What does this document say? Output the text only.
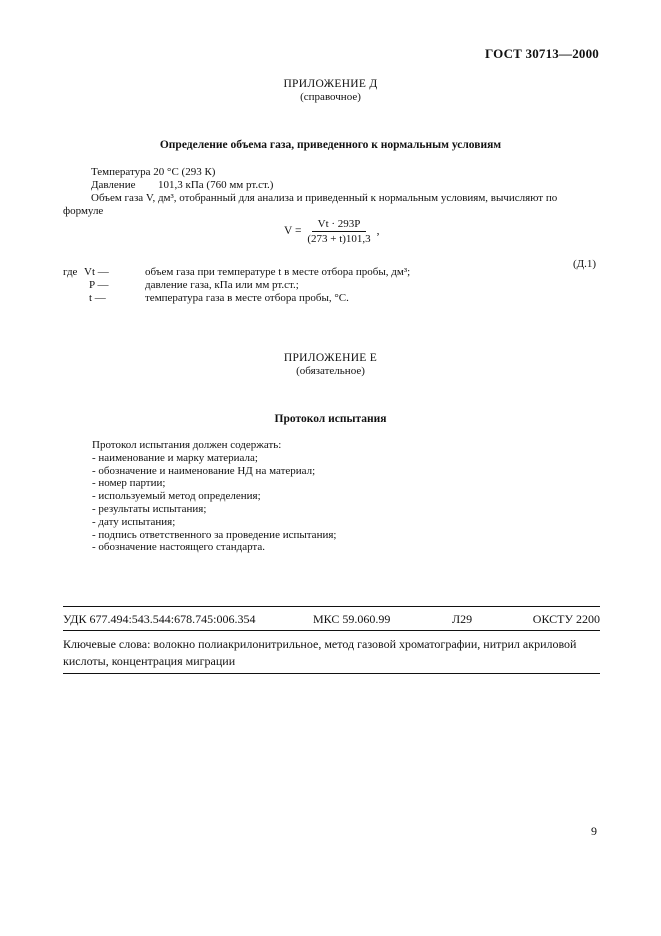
ГОСТ 30713—2000
ПРИЛОЖЕНИЕ Д
(справочное)
Определение объема газа, приведенного к нормальным условиям
Температура 20 °С (293 К)
Давление 101,3 кПа (760 мм рт.ст.)
Объем газа V, дм³, отобранный для анализа и приведенный к нормальным условиям, вычисляют по
формуле
$V = \frac{Vt \cdot 293P}{(273 + t)101,3}$ ,
(Д.1)
где Vt —	объем газа при температуре t в месте отбора пробы, дм³;
P —	давление газа, кПа или мм рт.ст.;
t —	температура газа в месте отбора пробы, °С.
ПРИЛОЖЕНИЕ Е
(обязательное)
Протокол испытания
Протокол испытания должен содержать:
- наименование и марку материала;
- обозначение и наименование НД на материал;
- номер партии;
- используемый метод определения;
- результаты испытания;
- дату испытания;
- подпись ответственного за проведение испытания;
- обозначение настоящего стандарта.
УДК 677.494:543.544:678.745:006.354	МКС 59.060.99	Л29	ОКСТУ 2200
Ключевые слова: волокно полиакрилонитрильное, метод газовой хроматографии, нитрил акриловой кислоты, концентрация миграции
9
